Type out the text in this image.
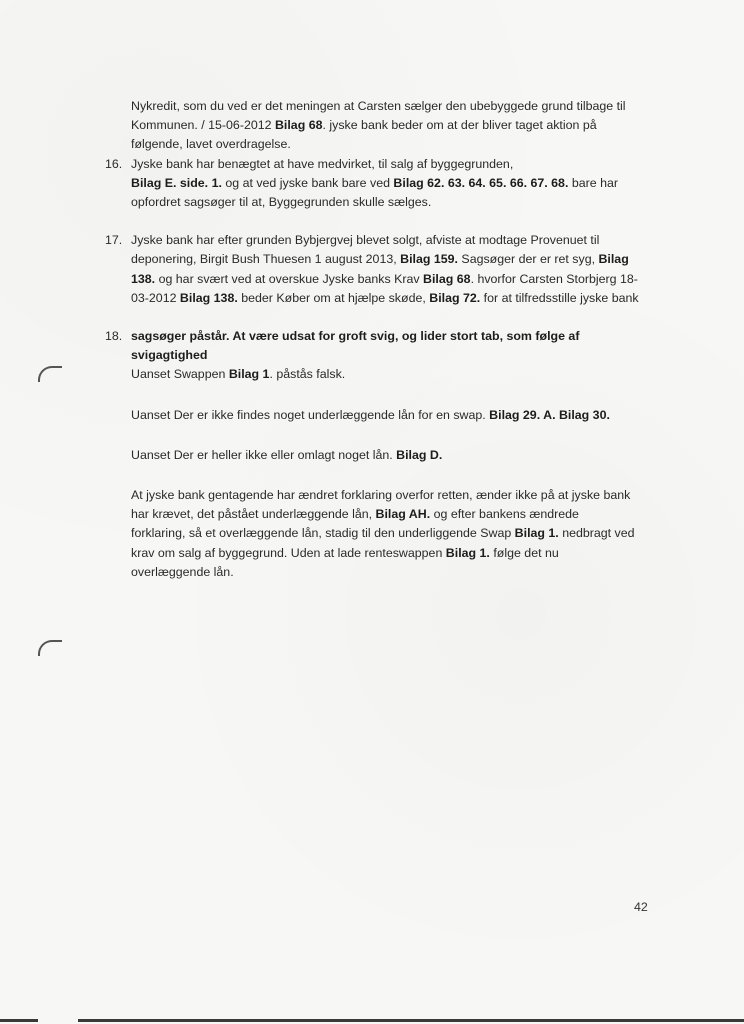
Nykredit, som du ved er det meningen at Carsten sælger den ubebyggede grund tilbage til

Kommunen. / 15-06-2012 Bilag 68. jyske bank beder om at der bliver taget aktion på

følgende, lavet overdragelse.

16. Jyske bank har benægtet at have medvirket, til salg af byggegrunden,

Bilag E. side. 1. og at ved jyske bank bare ved Bilag 62. 63. 64. 65. 66. 67. 68. bare har

opfordret sagsøger til at, Byggegrunden skulle sælges.

17. Jyske bank har efter grunden Bybjergvej blevet solgt, afviste at modtage Provenuet til

deponering, Birgit Bush Thuesen 1 august 2013, Bilag 159. Sagsøger der er ret syg, Bilag

138. og har svært ved at overskue Jyske banks Krav Bilag 68. hvorfor Carsten Storbjerg 18-

03-2012 Bilag 138. beder Køber om at hjælpe skøde, Bilag 72. for at tilfredsstille jyske bank

18. sagsøger påstår. At være udsat for groft svig, og lider stort tab, som følge af svigagtighed

Uanset Swappen Bilag 1. påstås falsk.

Uanset Der er ikke findes noget underlæggende lån for en swap. Bilag 29. A. Bilag 30.

Uanset Der er heller ikke eller omlagt noget lån. Bilag D.

At jyske bank gentagende har ændret forklaring overfor retten, ænder ikke på at jyske bank

har krævet, det påstået underlæggende lån, Bilag AH. og efter bankens ændrede

forklaring, så et overlæggende lån, stadig til den underliggende Swap Bilag 1. nedbragt ved

krav om salg af byggegrund. Uden at lade renteswappen Bilag 1. følge det nu

overlæggende lån.

42
